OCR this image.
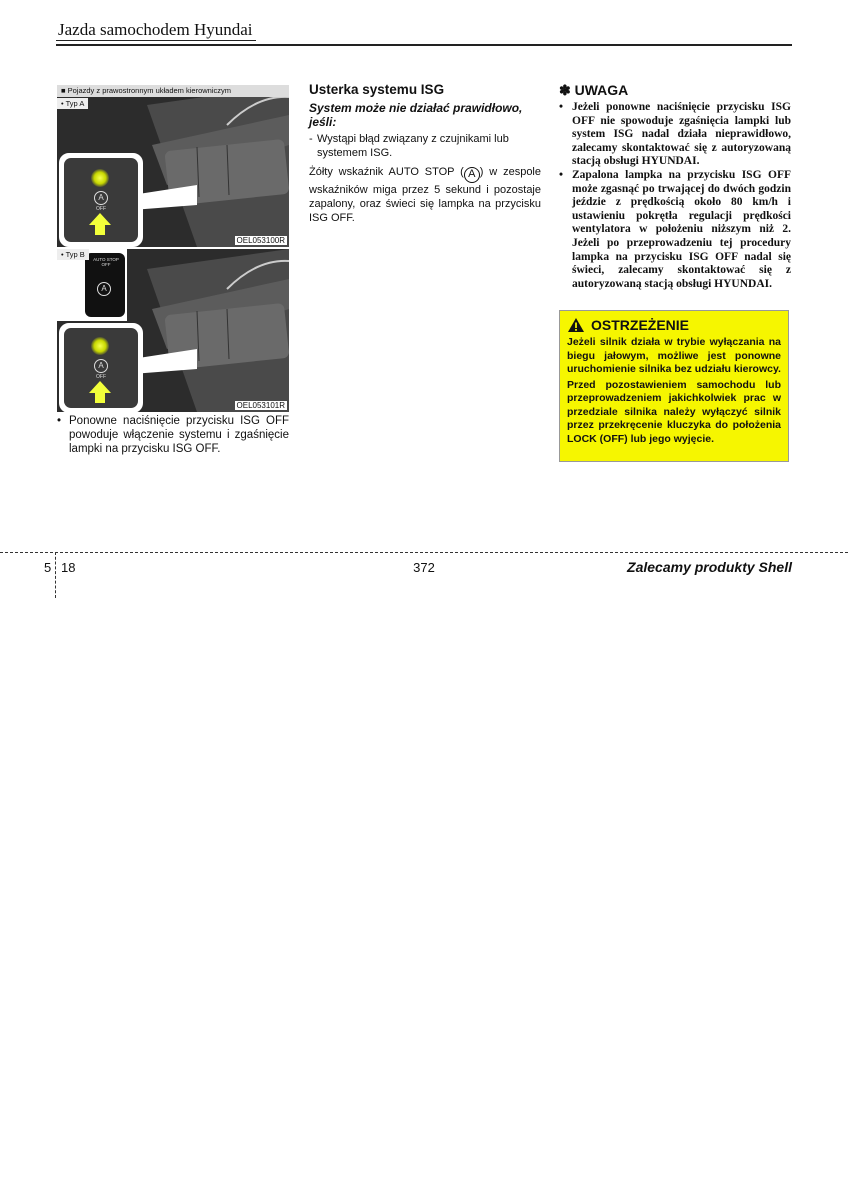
Jazda samochodem Hyundai
■ Pojazdy z prawostronnym układem kierowniczym
• Typ A
A
OFF
OEL053100R
• Typ B
AUTO STOP OFF
A
A
OFF
OEL053101R
• Ponowne naciśnięcie przycisku ISG OFF powoduje włączenie systemu i zgaśnięcie lampki na przycisku ISG OFF.
Usterka systemu ISG
System może nie działać prawidłowo, jeśli:
- Wystąpi błąd związany z czujnikami lub systemem ISG.
Żółty wskaźnik AUTO STOP ( A ) w zespole wskaźników miga przez 5 sekund i pozostaje zapalony, oraz świeci się lampka na przycisku ISG OFF.
✽ UWAGA
• Jeżeli ponowne naciśnięcie przycisku ISG OFF nie spowoduje zgaśnięcia lampki lub system ISG nadal działa nieprawidłowo, zalecamy skontaktować się z autoryzowaną stacją obsługi HYUNDAI.
• Zapalona lampka na przycisku ISG OFF może zgasnąć po trwającej do dwóch godzin jeździe z prędkością około 80 km/h i ustawieniu pokrętła regulacji prędkości wentylatora w położeniu niższym niż 2. Jeżeli po przeprowadzeniu tej procedury lampka na przycisku ISG OFF nadal się świeci, zalecamy skontaktować się z autoryzowaną stacją obsługi HYUNDAI.
OSTRZEŻENIE

Jeżeli silnik działa w trybie wyłączania na biegu jałowym, możliwe jest ponowne uruchomienie silnika bez udziału kierowcy.

Przed pozostawieniem samochodu lub przeprowadzeniem jakichkolwiek prac w przedziale silnika należy wyłączyć silnik przez przekręcenie kluczyka do położenia LOCK (OFF) lub jego wyjęcie.

5 18	372	Zalecamy produkty Shell
